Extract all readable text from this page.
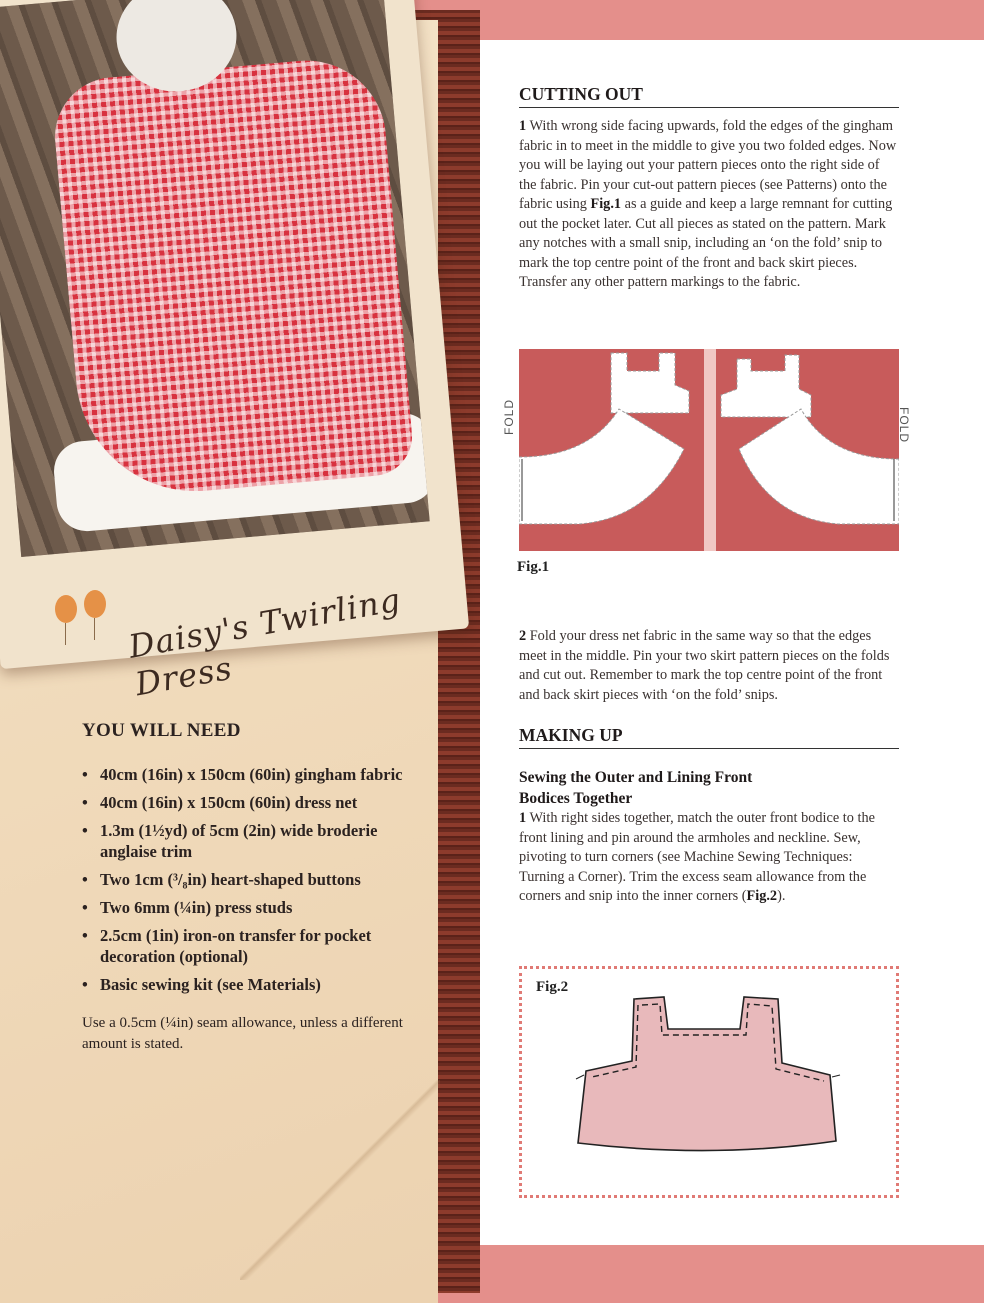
Daisy's Twirling Dress
YOU WILL NEED
• 40cm (16in) x 150cm (60in) gingham fabric
• 40cm (16in) x 150cm (60in) dress net
• 1.3m (1½yd) of 5cm (2in) wide broderie anglaise trim
• Two 1cm (³/₈in) heart-shaped buttons
• Two 6mm (¼in) press studs
• 2.5cm (1in) iron-on transfer for pocket decoration (optional)
• Basic sewing kit (see Materials)

Use a 0.5cm (¼in) seam allowance, unless a different amount is stated.

CUTTING OUT

1 With wrong side facing upwards, fold the edges of the gingham fabric in to meet in the middle to give you two folded edges. Now you will be laying out your pattern pieces onto the right side of the fabric. Pin your cut-out pattern pieces (see Patterns) onto the fabric using Fig.1 as a guide and keep a large remnant for cutting out the pocket later. Cut all pieces as stated on the pattern. Mark any notches with a small snip, including an ‘on the fold’ snip to mark the top centre point of the front and back skirt pieces. Transfer any other pattern markings to the fabric.

FOLD	FOLD
Fig.1

2 Fold your dress net fabric in the same way so that the edges meet in the middle. Pin your two skirt pattern pieces on the folds and cut out. Remember to mark the top centre point of the front and back skirt pieces with ‘on the fold’ snips.

MAKING UP
Sewing the Outer and Lining Front
Bodices Together

1 With right sides together, match the outer front bodice to the front lining and pin around the armholes and neckline. Sew, pivoting to turn corners (see Machine Sewing Techniques: Turning a Corner). Trim the excess seam allowance from the corners and snip into the inner corners (Fig.2).

Fig.2
